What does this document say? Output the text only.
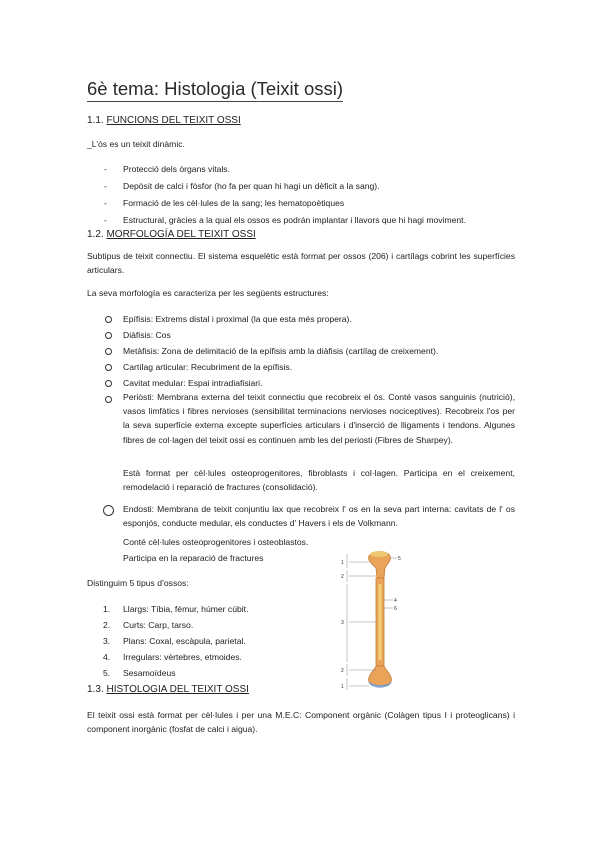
6è tema: Histologia (Teixit ossi)
1.1. FUNCIONS DEL TEIXIT OSSI
_L’ós es un teixit dinàmic.
- Protecció dels òrgans vitals.
- Depòsit de calci i fòsfor (ho fa per quan hi hagi un dèficit a la sang).
- Formació de les cèl·lules de la sang; les hematopoètiques
- Estructural, gràcies a la qual els ossos es podrán implantar i llavors que hi hagi moviment.
1.2. MORFOLOGÍA DEL TEIXIT OSSI
Subtipus de teixit connectiu. El sistema esquelètic està format per ossos (206) i cartílags cobrint les superfícies articulars.
La seva morfología es caracteriza per les següents estructures:
Epífisis: Extrems distal i proximal (la que esta més propera).
Diàfisis: Cos
Metàfisis: Zona de delimitació de la epífisis amb la diàfisis (cartílag de creixement).
Cartílag articular: Recubriment de la epífisis.
Cavitat medular: Espai intradiafisiari.
Periòsti: Membrana externa del teixit connectiu que recobreix el òs. Conté vasos sanguinis (nutrició), vasos limfàtics i fibres nervioses (sensibilitat terminacions nervioses nociceptives). Recobreix l'os per la seva superfície externa excepte superfícies articulars i d'inserció de lligaments i tendons. Algunes fibres de col·lagen del teixit ossi es continuen amb les del periosti (Fibres de Sharpey).
Està format per cèl·lules osteoprogenitores, fibroblasts i col·lagen. Participa en el creixement, remodelació i reparació de fractures (consolidació).
Endosti: Membrana de teixit conjuntiu lax que recobreix l' os en la seva part interna: cavitats de l' os esponjós, conducte medular, els conductes d' Havers i els de Volkmann.
Conté cèl·lules osteoprogenitores i osteoblastos.
Participa en la reparació de fractures
Distinguim 5 tipus d’ossos:
1. Llargs: Tíbia, fémur, húmer cúbit.
2. Curts: Carp, tarso.
3. Plans: Coxal, escàpula, parietal.
4. Irregulars: vèrtebres, etmoides.
5. Sesamoïdeus
1.3. HISTOLOGIA DEL TEIXIT OSSI
El teixit ossi està format per cèl·lules i per una M.E.C: Component orgànic (Colàgen tipus I i proteoglicans) i component inorgànic (fosfat de calci i aigua).
1
2
3
2
1
5
4
6
